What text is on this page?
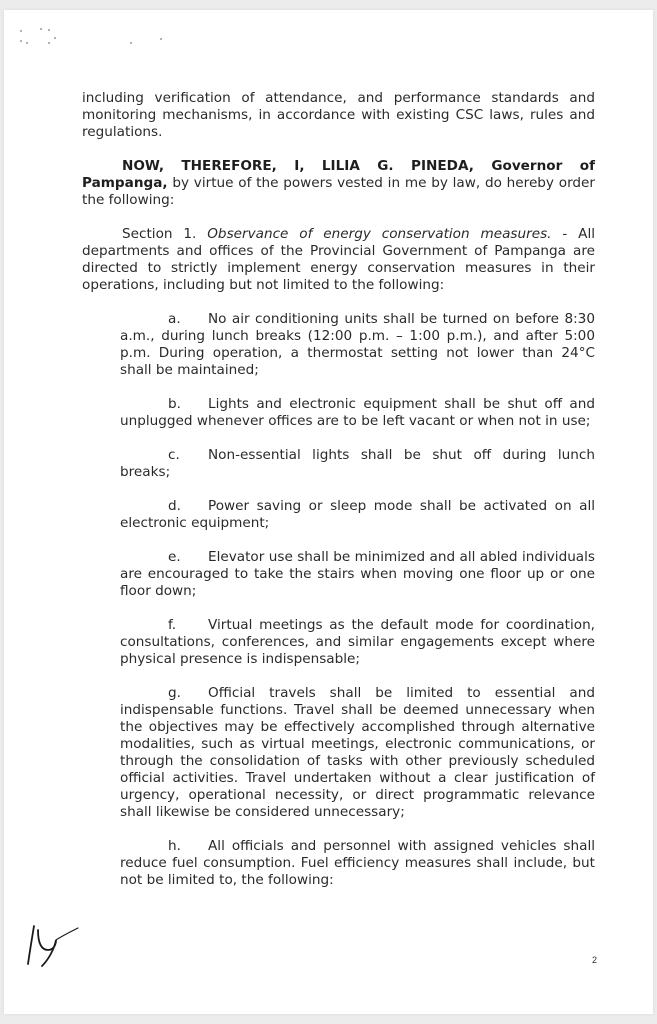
including verification of attendance, and performance standards and monitoring mechanisms, in accordance with existing CSC laws, rules and regulations.

NOW, THEREFORE, I, LILIA G. PINEDA, Governor of Pampanga, by virtue of the powers vested in me by law, do hereby order the following:

Section 1. Observance of energy conservation measures. - All departments and offices of the Provincial Government of Pampanga are directed to strictly implement energy conservation measures in their operations, including but not limited to the following:

a. No air conditioning units shall be turned on before 8:30 a.m., during lunch breaks (12:00 p.m. – 1:00 p.m.), and after 5:00 p.m. During operation, a thermostat setting not lower than 24°C shall be maintained;

b. Lights and electronic equipment shall be shut off and unplugged whenever offices are to be left vacant or when not in use;

c. Non-essential lights shall be shut off during lunch breaks;

d. Power saving or sleep mode shall be activated on all electronic equipment;

e. Elevator use shall be minimized and all abled individuals are encouraged to take the stairs when moving one floor up or one floor down;

f. Virtual meetings as the default mode for coordination, consultations, conferences, and similar engagements except where physical presence is indispensable;

g. Official travels shall be limited to essential and indispensable functions. Travel shall be deemed unnecessary when the objectives may be effectively accomplished through alternative modalities, such as virtual meetings, electronic communications, or through the consolidation of tasks with other previously scheduled official activities. Travel undertaken without a clear justification of urgency, operational necessity, or direct programmatic relevance shall likewise be considered unnecessary;

h. All officials and personnel with assigned vehicles shall reduce fuel consumption. Fuel efficiency measures shall include, but not be limited to, the following:

2
